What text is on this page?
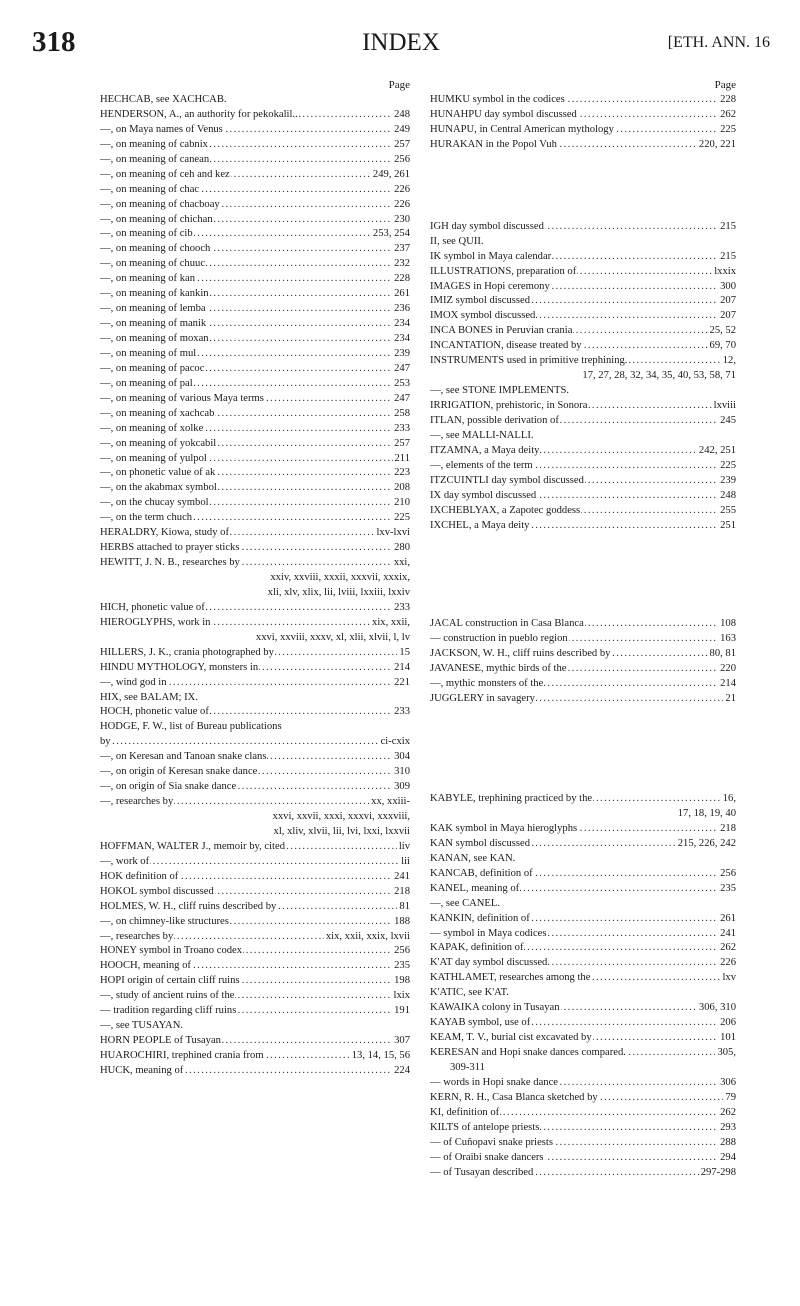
318	INDEX	[ETH. ANN. 16
Page
HECHCAB, see XACHCAB.
HENDERSON, A., an authority for pekokalil.. .....	248
—, on Maya names of Venus .....	249
—, on meaning of cabnix .....	257
—, on meaning of canean .....	256
—, on meaning of ceh and kez .....	249, 261
—, on meaning of chac .....	226
—, on meaning of chacboay .....	226
—, on meaning of chichan .....	230
—, on meaning of cib .....	253, 254
—, on meaning of chooch .....	237
—, on meaning of chuuc .....	232
—, on meaning of kan .....	228
—, on meaning of kankin .....	261
—, on meaning of lemba .....	236
—, on meaning of manik .....	234
—, on meaning of moxan .....	234
—, on meaning of mul .....	239
—, on meaning of pacoc .....	247
—, on meaning of pal .....	253
—, on meaning of various Maya terms .....	247
—, on meaning of xachcab .....	258
—, on meaning of xolke .....	233
—, on meaning of yokcabil .....	257
—, on meaning of yulpol .....	211
—, on phonetic value of ak .....	223
—, on the akabmax symbol .....	208
—, on the chucay symbol .....	210
—, on the term chuch .....	225
HERALDRY, Kiowa, study of .....	lxv-lxvi
HERBS attached to prayer sticks .....	280
HEWITT, J. N. B., researches by .....	xxi,
xxiv, xxviii, xxxii, xxxvii, xxxix,
xli, xlv, xlix, lii, lviii, lxxiii, lxxiv
HICH, phonetic value of .....	233
HIEROGLYPHS, work in .....	xix, xxii,
xxvi, xxviii, xxxv, xl, xlii, xlvii, l, lv
HILLERS, J. K., crania photographed by .....	15
HINDU MYTHOLOGY, monsters in .....	214
—, wind god in .....	221
HIX, see BALAM; IX.
HOCH, phonetic value of .....	233
HODGE, F. W., list of Bureau publications
by .....	ci-cxix
—, on Keresan and Tanoan snake clans .....	304
—, on origin of Keresan snake dance .....	310
—, on origin of Sia snake dance .....	309
—, researches by .....	xx, xxiii-
xxvi, xxvii, xxxi, xxxvi, xxxviii,
xl, xliv, xlvii, lii, lvi, lxxi, lxxvii
HOFFMAN, WALTER J., memoir by, cited .....	liv
—, work of .....	lii
HOK definition of .....	241
HOKOL symbol discussed .....	218
HOLMES, W. H., cliff ruins described by .....	81
—, on chimney-like structures .....	188
—, researches by .....	xix, xxii, xxix, lxvii
HONEY symbol in Troano codex .....	256
HOOCH, meaning of .....	235
HOPI origin of certain cliff ruins .....	198
—, study of ancient ruins of the .....	lxix
— tradition regarding cliff ruins .....	191
—, see TUSAYAN.
HORN PEOPLE of Tusayan .....	307
HUAROCHIRI, trephined crania from .....	13, 14, 15, 56
HUCK, meaning of .....	224
Page
HUMKU symbol in the codices .....	228
HUNAHPU day symbol discussed .....	262
HUNAPU, in Central American mythology .....	225
HURAKAN in the Popol Vuh .....	220, 221
IGH day symbol discussed .....	215
II, see QUII.
IK symbol in Maya calendar .....	215
ILLUSTRATIONS, preparation of .....	lxxix
IMAGES in Hopi ceremony .....	300
IMIZ symbol discussed .....	207
IMOX symbol discussed .....	207
INCA BONES in Peruvian crania .....	25, 52
INCANTATION, disease treated by .....	69, 70
INSTRUMENTS used in primitive trephining. .....	12,
17, 27, 28, 32, 34, 35, 40, 53, 58, 71
—, see STONE IMPLEMENTS.
IRRIGATION, prehistoric, in Sonora .....	lxviii
ITLAN, possible derivation of .....	245
—, see MALLI-NALLI.
ITZAMNA, a Maya deity .....	242, 251
—, elements of the term .....	225
ITZCUINTLI day symbol discussed .....	239
IX day symbol discussed .....	248
IXCHEBLYAX, a Zapotec goddess .....	255
IXCHEL, a Maya deity .....	251
JACAL construction in Casa Blanca .....	108
— construction in pueblo region .....	163
JACKSON, W. H., cliff ruins described by .....	80, 81
JAVANESE, mythic birds of the .....	220
—, mythic monsters of the .....	214
JUGGLERY in savagery .....	21
KABYLE, trephining practiced by the .....	16,
17, 18, 19, 40
KAK symbol in Maya hieroglyphs .....	218
KAN symbol discussed .....	215, 226, 242
KANAN, see KAN.
KANCAB, definition of .....	256
KANEL, meaning of .....	235
—, see CANEL.
KANKIN, definition of .....	261
— symbol in Maya codices .....	241
KAPAK, definition of .....	262
K'AT day symbol discussed .....	226
KATHLAMET, researches among the .....	lxv
K'ATIC, see K'AT.
KAWAIKA colony in Tusayan .....	306, 310
KAYAB symbol, use of .....	206
KEAM, T. V., burial cist excavated by .....	101
KERESAN and Hopi snake dances compared. .....	305,
309-311
— words in Hopi snake dance .....	306
KERN, R. H., Casa Blanca sketched by .....	79
KI, definition of .....	262
KILTS of antelope priests .....	293
— of Cuñopavi snake priests .....	288
— of Oraibi snake dancers .....	294
— of Tusayan described .....	297-298
